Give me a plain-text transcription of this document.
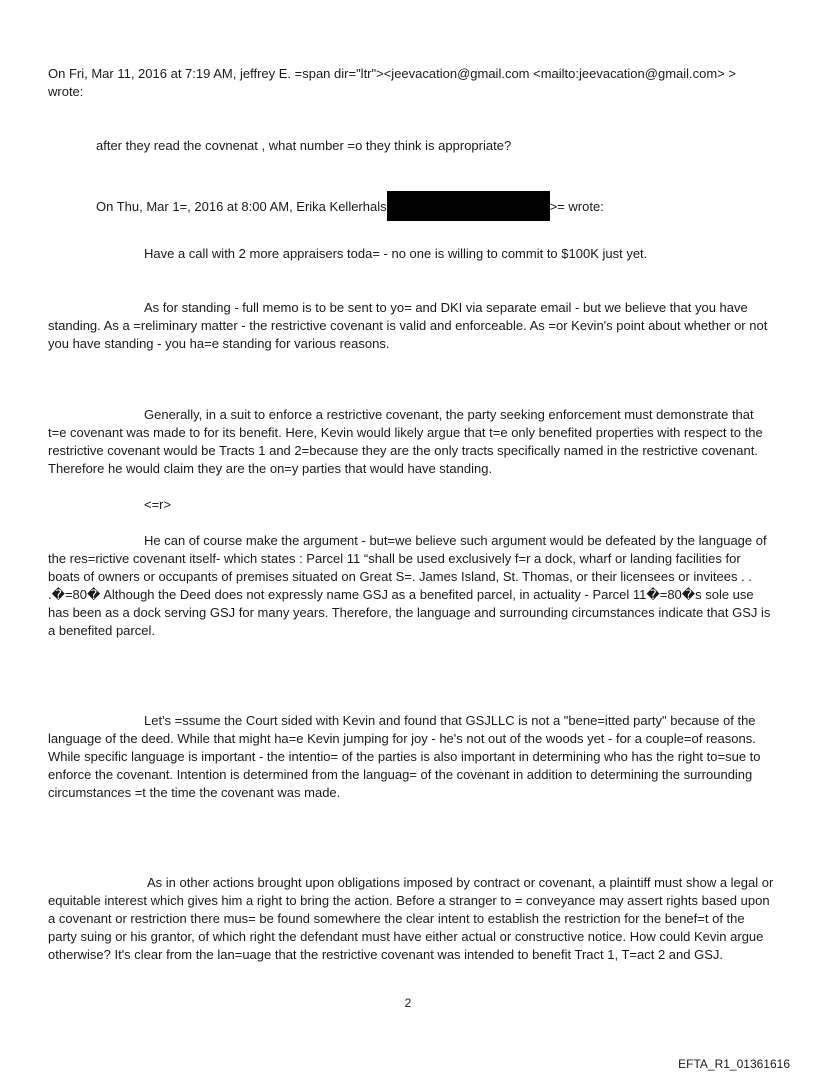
On Fri, Mar 11, 2016 at 7:19 AM, jeffrey E. =span dir="ltr"><jeevacation@gmail.com <mailto:jeevacation@gmail.com> > wrote:

after they read the covnenat , what number =o they think is appropriate?

On Thu, Mar 1=, 2016 at 8:00 AM, Erika Kellerhals	>= wrote:

Have a call with 2 more appraisers toda= - no one is willing to commit to $100K just yet.

As for standing - full memo is to be sent to yo= and DKI via separate email - but we believe that you have standing. As a =reliminary matter - the restrictive covenant is valid and enforceable. As =or Kevin's point about whether or not you have standing - you ha=e standing for various reasons.

Generally, in a suit to enforce a restrictive covenant, the party seeking enforcement must demonstrate that t=e covenant was made to for its benefit. Here, Kevin would likely argue that t=e only benefited properties with respect to the restrictive covenant would be Tracts 1 and 2=because they are the only tracts specifically named in the restrictive covenant. Therefore he would claim they are the on=y parties that would have standing.

<=r>

He can of course make the argument - but=we believe such argument would be defeated by the language of the res=rictive covenant itself- which states : Parcel 11 “shall be used exclusively f=r a dock, wharf or landing facilities for boats of owners or occupants of premises situated on Great S=. James Island, St. Thomas, or their licensees or invitees . . .�=80� Although the Deed does not expressly name GSJ as a benefited parcel, in actuality - Parcel 11�=80�s sole use has been as a dock serving GSJ for many years. Therefore, the language and surrounding circumstances indicate that GSJ is a benefited parcel.

Let's =ssume the Court sided with Kevin and found that GSJLLC is not a "bene=itted party" because of the language of the deed. While that might ha=e Kevin jumping for joy - he's not out of the woods yet - for a couple=of reasons. While specific language is important - the intentio= of the parties is also important in determining who has the right to=sue to enforce the covenant. Intention is determined from the languag= of the covenant in addition to determining the surrounding circumstances =t the time the covenant was made.

As in other actions brought upon obligations imposed by contract or covenant, a plaintiff must show a legal or equitable interest which gives him a right to bring the action. Before a stranger to = conveyance may assert rights based upon a covenant or restriction there mus= be found somewhere the clear intent to establish the restriction for the benef=t of the party suing or his grantor, of which right the defendant must have either actual or constructive notice. How could Kevin argue otherwise? It's clear from the lan=uage that the restrictive covenant was intended to benefit Tract 1, T=act 2 and GSJ.

2
EFTA_R1_01361616
